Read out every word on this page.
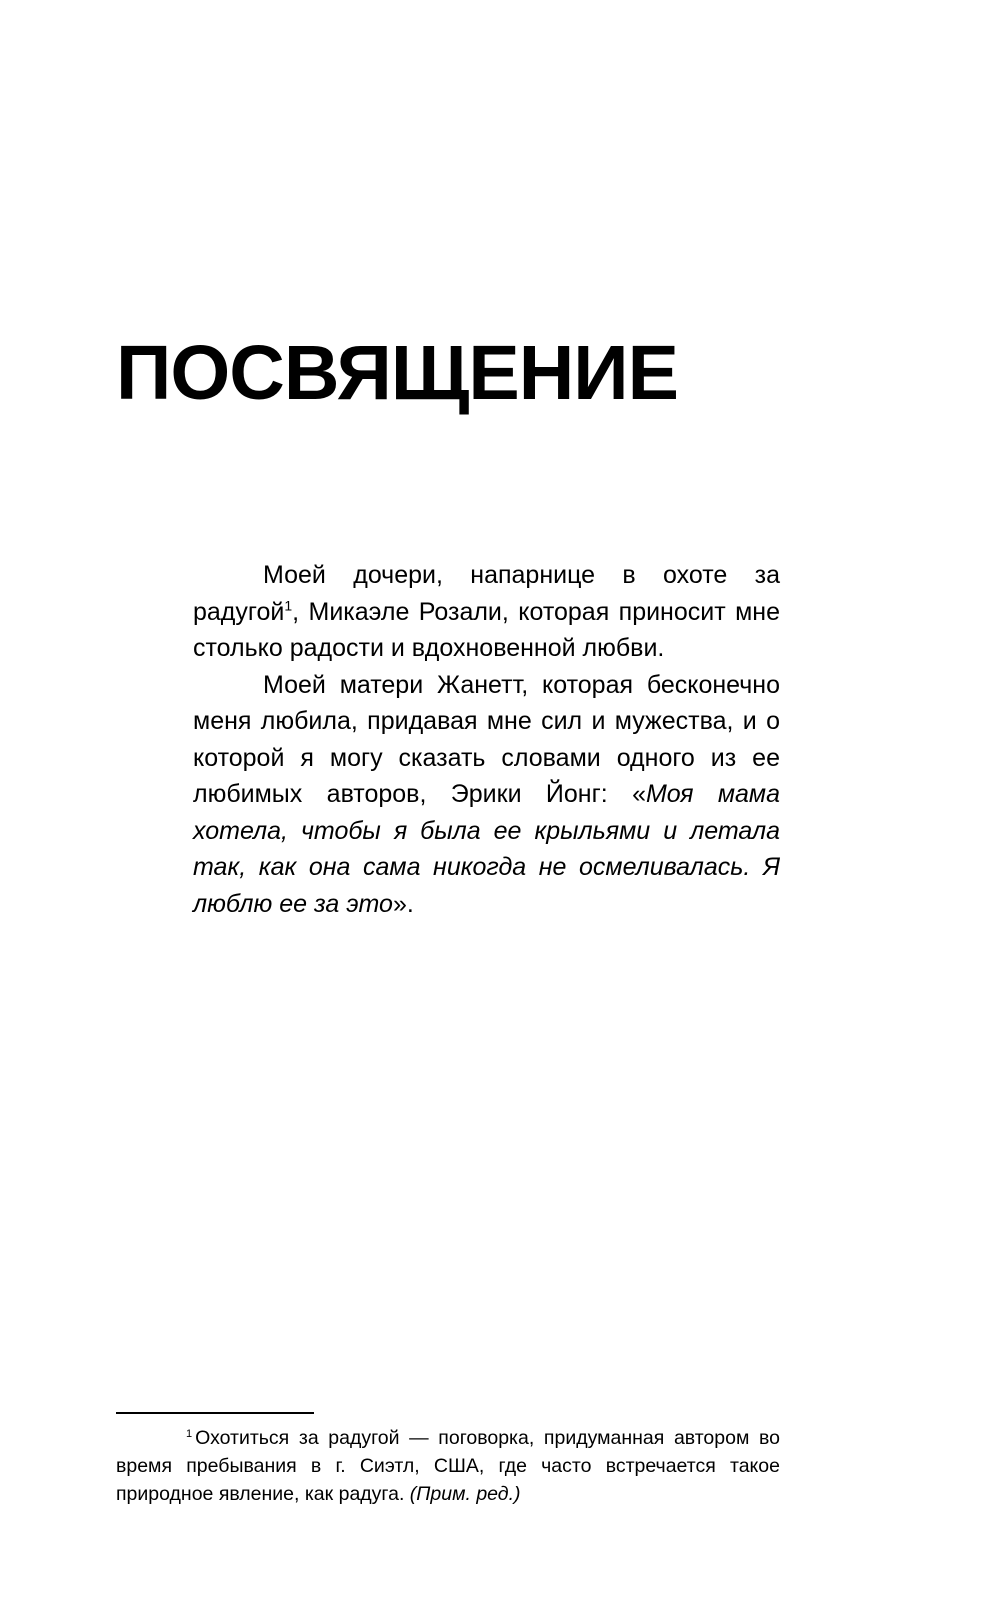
ПОСВЯЩЕНИЕ

Моей дочери, напарнице в охоте за радугой$^1$, Микаэле Розали, которая приносит мне столько радости и вдохновенной любви.

Моей матери Жанетт, которая бесконечно меня любила, придавая мне сил и мужества, и о которой я могу сказать словами одного из ее любимых авторов, Эрики Йонг: «Моя мама хотела, чтобы я была ее крыльями и летала так, как она сама никогда не осмеливалась. Я люблю ее за это».

$^1$ Охотиться за радугой — поговорка, придуманная автором во время пребывания в г. Сиэтл, США, где часто встречается такое природное явление, как радуга. (Прим. ред.)
